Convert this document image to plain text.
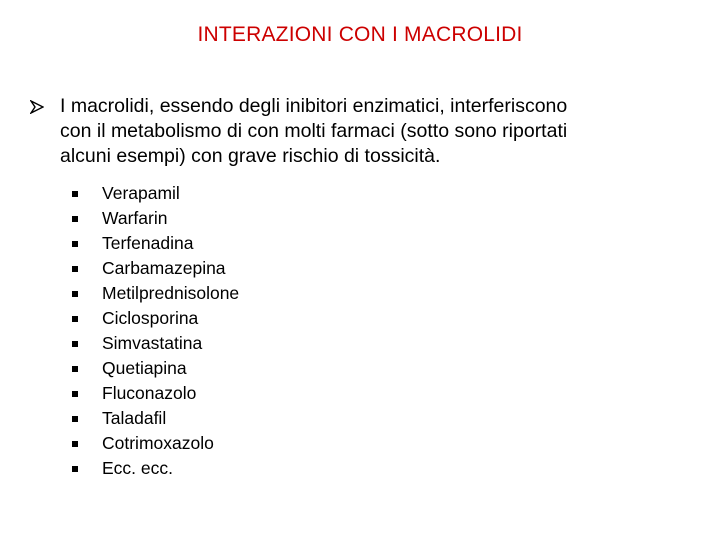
INTERAZIONI CON I MACROLIDI
I macrolidi, essendo degli inibitori enzimatici, interferiscono
con il metabolismo di con molti farmaci (sotto sono riportati
alcuni esempi) con grave rischio di tossicità.
Verapamil
Warfarin
Terfenadina
Carbamazepina
Metilprednisolone
Ciclosporina
Simvastatina
Quetiapina
Fluconazolo
Taladafil
Cotrimoxazolo
Ecc. ecc.
